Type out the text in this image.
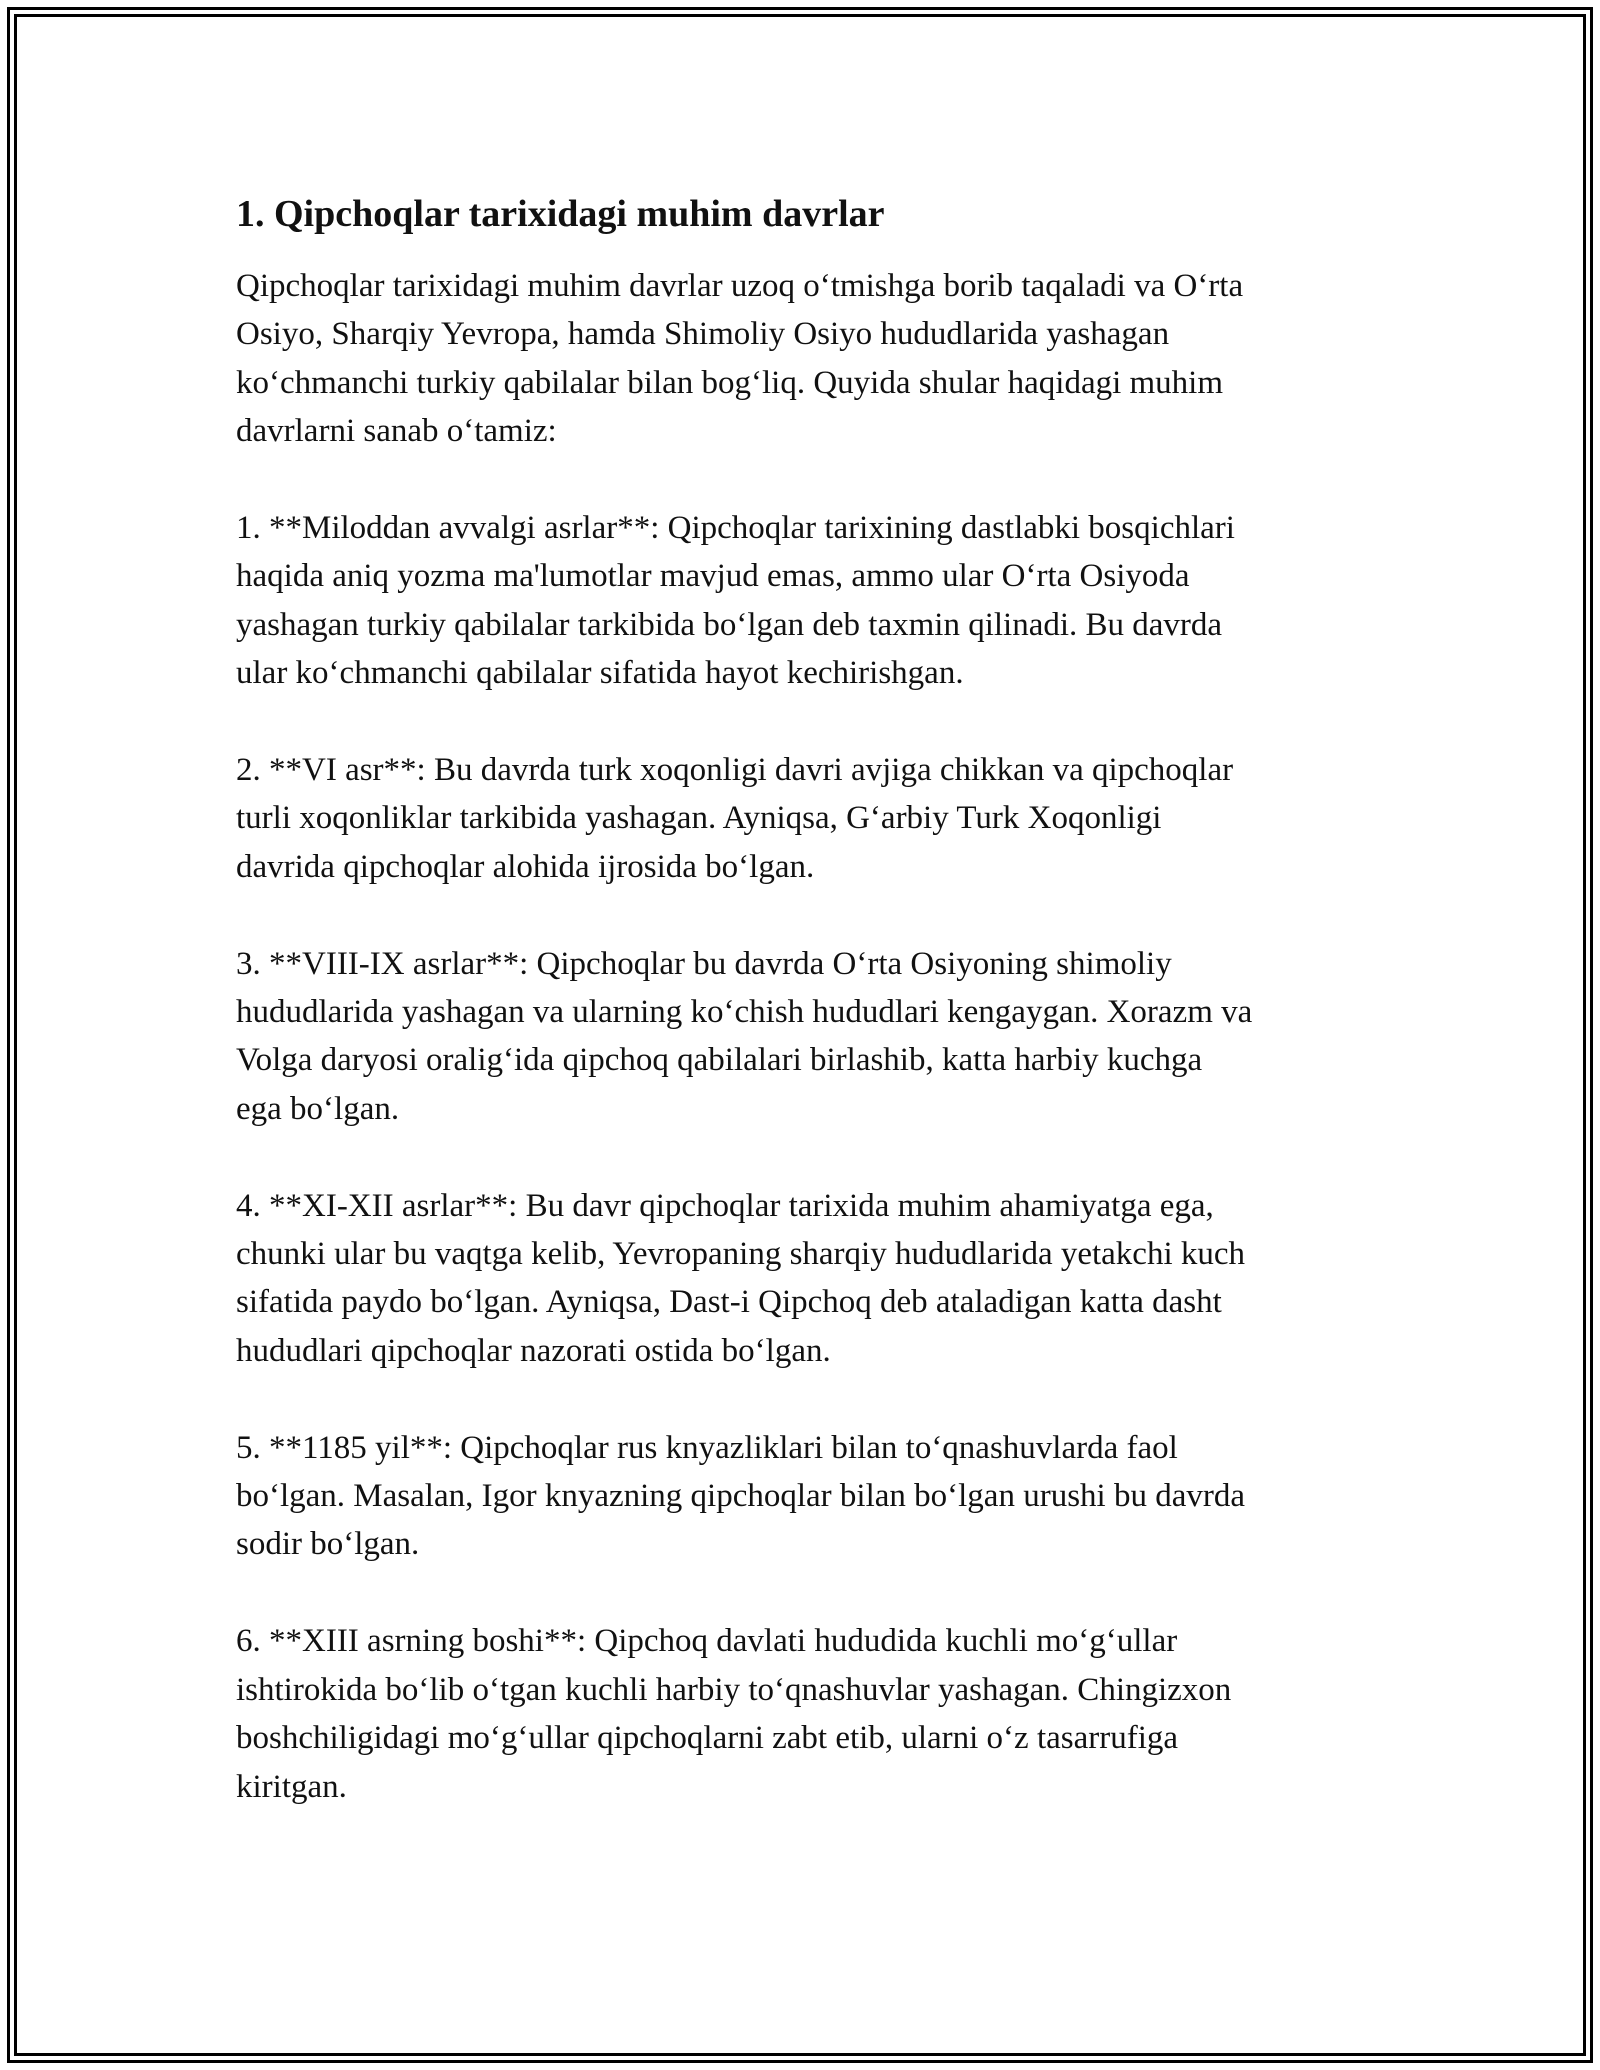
1. Qipchoqlar tarixidagi muhim davrlar
Qipchoqlar tarixidagi muhim davrlar uzoq o‘tmishga borib taqaladi va O‘rta
Osiyo, Sharqiy Yevropa, hamda Shimoliy Osiyo hududlarida yashagan
ko‘chmanchi turkiy qabilalar bilan bog‘liq. Quyida shular haqidagi muhim
davrlarni sanab o‘tamiz:
1. **Miloddan avvalgi asrlar**: Qipchoqlar tarixining dastlabki bosqichlari
haqida aniq yozma ma'lumotlar mavjud emas, ammo ular O‘rta Osiyoda
yashagan turkiy qabilalar tarkibida bo‘lgan deb taxmin qilinadi. Bu davrda
ular ko‘chmanchi qabilalar sifatida hayot kechirishgan.
2. **VI asr**: Bu davrda turk xoqonligi davri avjiga chikkan va qipchoqlar
turli xoqonliklar tarkibida yashagan. Ayniqsa, G‘arbiy Turk Xoqonligi
davrida qipchoqlar alohida ijrosida bo‘lgan.
3. **VIII-IX asrlar**: Qipchoqlar bu davrda O‘rta Osiyoning shimoliy
hududlarida yashagan va ularning ko‘chish hududlari kengaygan. Xorazm va
Volga daryosi oralig‘ida qipchoq qabilalari birlashib, katta harbiy kuchga
ega bo‘lgan.
4. **XI-XII asrlar**: Bu davr qipchoqlar tarixida muhim ahamiyatga ega,
chunki ular bu vaqtga kelib, Yevropaning sharqiy hududlarida yetakchi kuch
sifatida paydo bo‘lgan. Ayniqsa, Dast-i Qipchoq deb ataladigan katta dasht
hududlari qipchoqlar nazorati ostida bo‘lgan.
5. **1185 yil**: Qipchoqlar rus knyazliklari bilan to‘qnashuvlarda faol
bo‘lgan. Masalan, Igor knyazning qipchoqlar bilan bo‘lgan urushi bu davrda
sodir bo‘lgan.
6. **XIII asrning boshi**: Qipchoq davlati hududida kuchli mo‘g‘ullar
ishtirokida bo‘lib o‘tgan kuchli harbiy to‘qnashuvlar yashagan. Chingizxon
boshchiligidagi mo‘g‘ullar qipchoqlarni zabt etib, ularni o‘z tasarrufiga
kiritgan.
